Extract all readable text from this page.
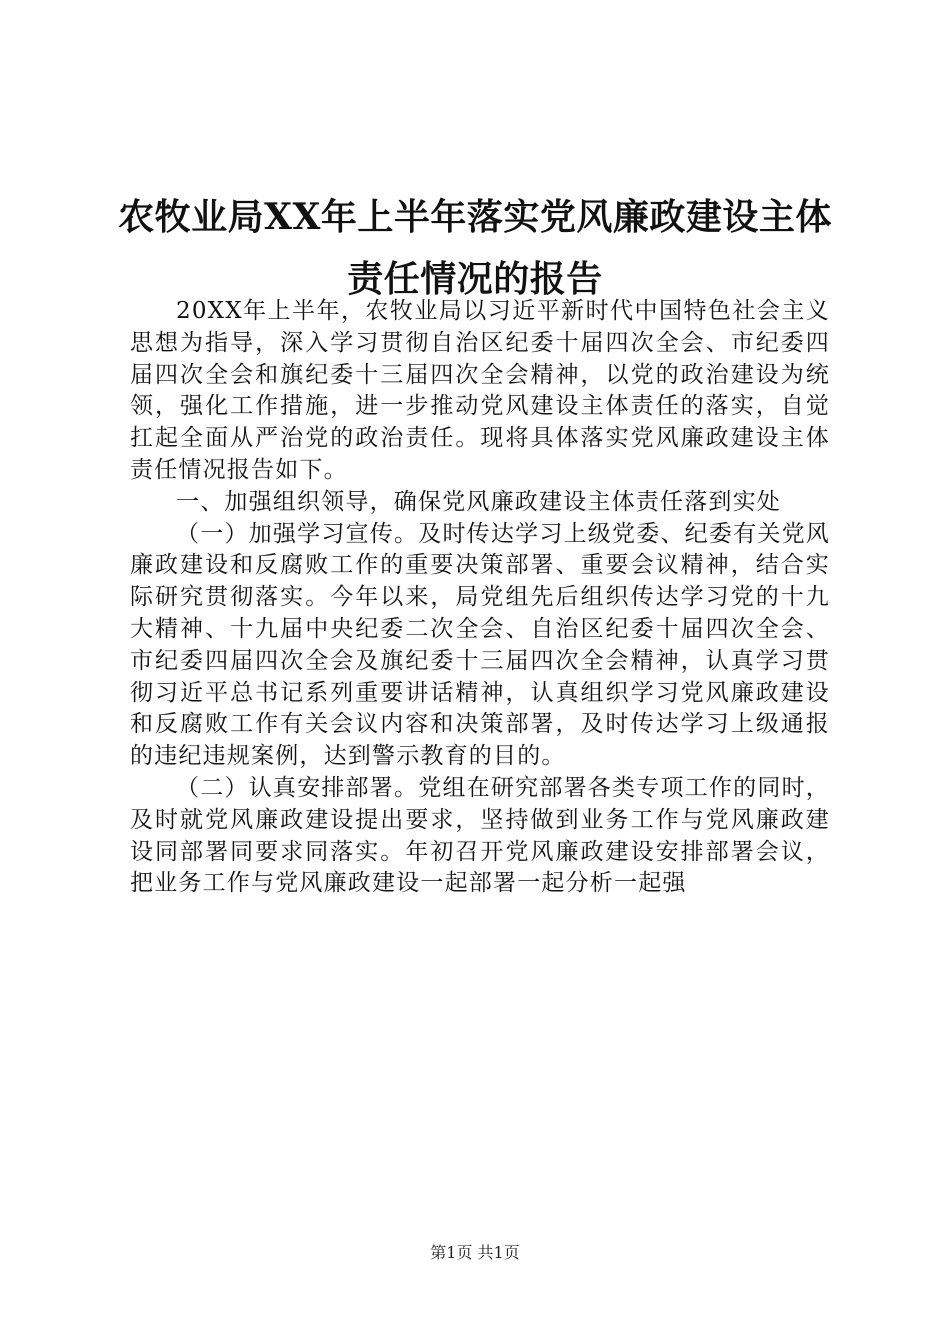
农牧业局XX年上半年落实党风廉政建设主体
责任情况的报告

20XX年上半年，农牧业局以习近平新时代中国特色社会主义思想为指导，深入学习贯彻自治区纪委十届四次全会、市纪委四届四次全会和旗纪委十三届四次全会精神，以党的政治建设为统领，强化工作措施，进一步推动党风建设主体责任的落实，自觉扛起全面从严治党的政治责任。现将具体落实党风廉政建设主体责任情况报告如下。

一、加强组织领导，确保党风廉政建设主体责任落到实处

（一）加强学习宣传。及时传达学习上级党委、纪委有关党风廉政建设和反腐败工作的重要决策部署、重要会议精神，结合实际研究贯彻落实。今年以来，局党组先后组织传达学习党的十九大精神、十九届中央纪委二次全会、自治区纪委十届四次全会、市纪委四届四次全会及旗纪委十三届四次全会精神，认真学习贯彻习近平总书记系列重要讲话精神，认真组织学习党风廉政建设和反腐败工作有关会议内容和决策部署，及时传达学习上级通报的违纪违规案例，达到警示教育的目的。

（二）认真安排部署。党组在研究部署各类专项工作的同时，及时就党风廉政建设提出要求，坚持做到业务工作与党风廉政建设同部署同要求同落实。年初召开党风廉政建设安排部署会议，把业务工作与党风廉政建设一起部署一起分析一起强

第1页 共1页
